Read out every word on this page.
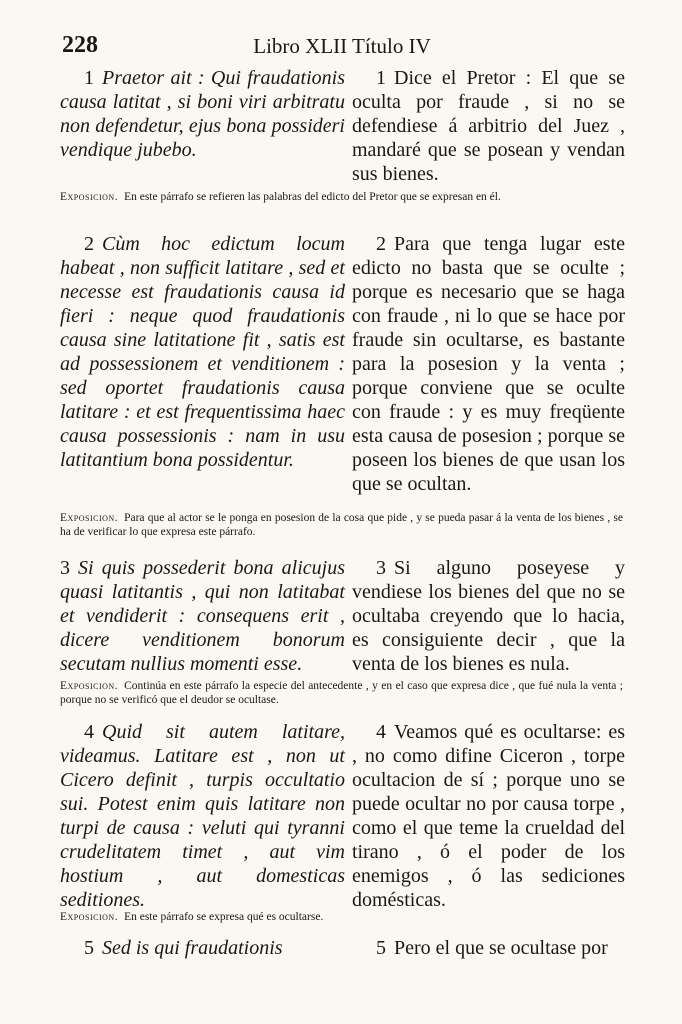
228	Libro XLII Título IV
1 Praetor ait : Qui fraudationis causa latitat , si boni viri arbitratu non defendetur, ejus bona possideri vendique jubebo.
1 Dice el Pretor : El que se oculta por fraude , si no se defendiese á arbitrio del Juez , mandaré que se posean y vendan sus bienes.
Exposicion. En este párrafo se refieren las palabras del edicto del Pretor que se expresan en él.
2 Cùm hoc edictum locum habeat , non sufficit latitare , sed et necesse est fraudationis causa id fieri : neque quod fraudationis causa sine latitatione fit , satis est ad possessionem et venditionem : sed oportet fraudationis causa latitare : et est frequentissima haec causa possessionis : nam in usu latitantium bona possidentur.
2 Para que tenga lugar este edicto no basta que se oculte ; porque es necesario que se haga con fraude , ni lo que se hace por fraude sin ocultarse, es bastante para la posesion y la venta ; porque conviene que se oculte con fraude : y es muy freqüente esta causa de posesion ; porque se poseen los bienes de que usan los que se ocultan.
Exposicion. Para que al actor se le ponga en posesion de la cosa que pide , y se pueda pasar á la venta de los bienes , se ha de verificar lo que expresa este párrafo.
3 Si quis possederit bona alicujus quasi latitantis , qui non latitabat et vendiderit : consequens erit , dicere venditionem bonorum secutam nullius momenti esse.
3 Si alguno poseyese y vendiese los bienes del que no se ocultaba creyendo que lo hacia, es consiguiente decir , que la venta de los bienes es nula.
Exposicion. Continúa en este párrafo la especie del antecedente , y en el caso que expresa dice , que fué nula la venta ; porque no se verificó que el deudor se ocultase.
4 Quid sit autem latitare, videamus. Latitare est , non ut Cicero definit , turpis occultatio sui. Potest enim quis latitare non turpi de causa : veluti qui tyranni crudelitatem timet , aut vim hostium , aut domesticas seditiones.
4 Veamos qué es ocultarse: es , no como difine Ciceron , torpe ocultacion de sí ; porque uno se puede ocultar no por causa torpe , como el que teme la crueldad del tirano , ó el poder de los enemigos , ó las sediciones domésticas.
Exposicion. En este párrafo se expresa qué es ocultarse.
5 Sed is qui fraudationis	5 Pero el que se ocultase por
